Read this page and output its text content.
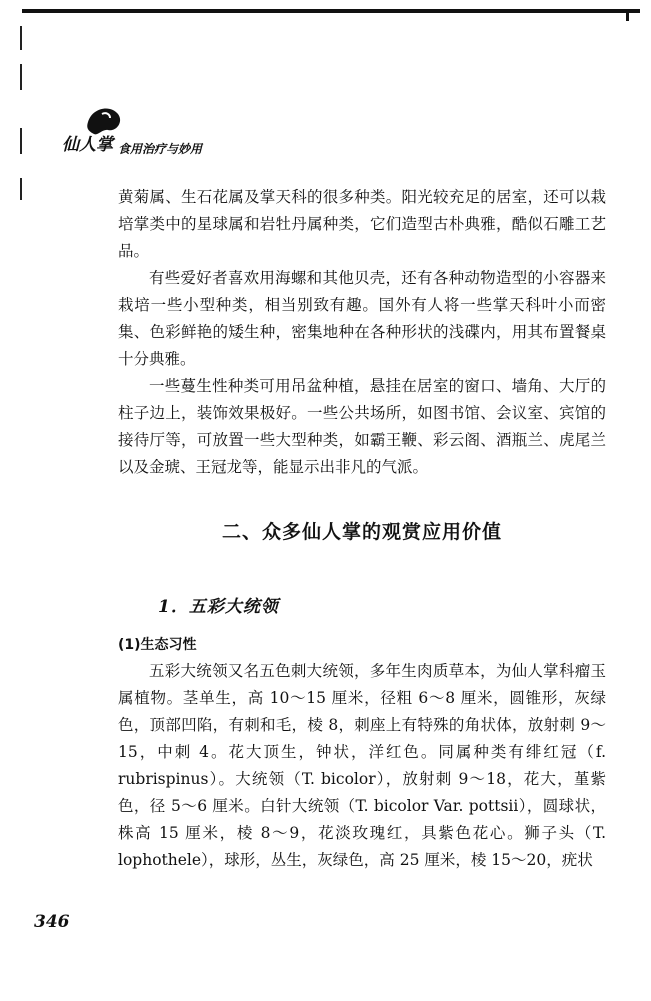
仙人掌 食用治疗与妙用

黄菊属、生石花属及掌天科的很多种类。阳光较充足的居室，还可以栽培掌类中的星球属和岩牡丹属种类，它们造型古朴典雅，酷似石雕工艺品。

有些爱好者喜欢用海螺和其他贝壳，还有各种动物造型的小容器来栽培一些小型种类，相当别致有趣。国外有人将一些掌天科叶小而密集、色彩鲜艳的矮生种，密集地种在各种形状的浅碟内，用其布置餐桌十分典雅。

一些蔓生性种类可用吊盆种植，悬挂在居室的窗口、墙角、大厅的柱子边上，装饰效果极好。一些公共场所，如图书馆、会议室、宾馆的接待厅等，可放置一些大型种类，如霸王鞭、彩云阁、酒瓶兰、虎尾兰以及金琥、王冠龙等，能显示出非凡的气派。

二、众多仙人掌的观赏应用价值
1．五彩大统领
(1)生态习性

五彩大统领又名五色刺大统领，多年生肉质草本，为仙人掌科瘤玉属植物。茎单生，高 10～15 厘米，径粗 6～8 厘米，圆锥形，灰绿色，顶部凹陷，有刺和毛，棱 8，刺座上有特殊的角状体，放射刺 9～15，中刺 4。花大顶生，钟状，洋红色。同属种类有绯红冠（f. rubrispinus）。大统领（T. bicolor），放射刺 9～18，花大，堇紫色，径 5～6 厘米。白针大统领（T. bicolor Var. pottsii），圆球状，株高 15 厘米，棱 8～9，花淡玫瑰红，具紫色花心。狮子头（T. lophothele），球形，丛生，灰绿色，高 25 厘米，棱 15～20，疣状

346
